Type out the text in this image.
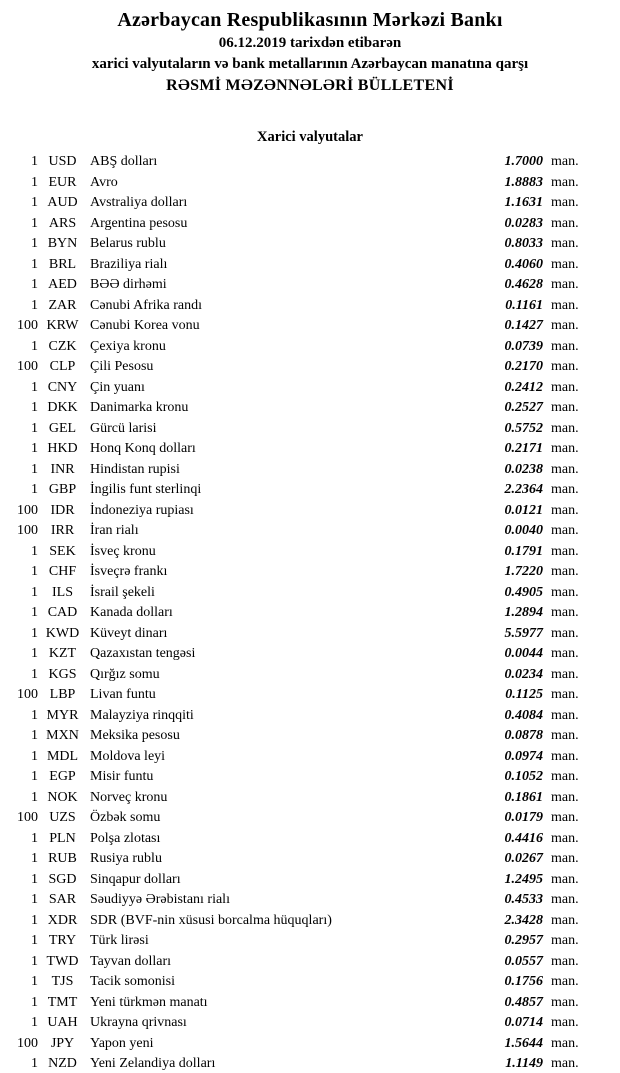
Azərbaycan Respublikasının Mərkəzi Bankı
06.12.2019 tarixdən etibarən
xarici valyutaların və bank metallarının Azərbaycan manatına qarşı
RƏSMİ MƏZƏNNƏLƏRİ BÜLLETENİ
Xarici valyutalar
1 USD ABŞ dolları	1.7000 man.
1 EUR Avro	1.8883 man.
1 AUD Avstraliya dolları	1.1631 man.
1 ARS Argentina pesosu	0.0283 man.
1 BYN Belarus rublu	0.8033 man.
1 BRL Braziliya rialı	0.4060 man.
1 AED BƏƏ dirhəmi	0.4628 man.
1 ZAR Cənubi Afrika randı	0.1161 man.
100 KRW Cənubi Korea vonu	0.1427 man.
1 CZK Çexiya kronu	0.0739 man.
100 CLP	Çili Pesosu	0.2170 man.
1 CNY Çin yuanı	0.2412 man.
1 DKK Danimarka kronu	0.2527 man.
1 GEL Gürcü larisi	0.5752 man.
1 HKD Honq Konq dolları	0.2171 man.
1 INR	Hindistan rupisi	0.0238 man.
1 GBP İngilis funt sterlinqi	2.2364 man.
100 IDR	İndoneziya rupiası	0.0121 man.
100 IRR	İran rialı	0.0040 man.
1 SEK	İsveç kronu	0.1791 man.
1 CHF İsveçrə frankı	1.7220 man.
1	ILS	İsrail şekeli	0.4905 man.
1 CAD Kanada dolları	1.2894 man.
1 KWD Küveyt dinarı	5.5977 man.
1 KZT Qazaxıstan tengəsi	0.0044 man.
1 KGS Qırğız somu	0.0234 man.
100 LBP	Livan funtu	0.1125 man.
1 MYR Malayziya rinqqiti	0.4084 man.
1 MXN Meksika pesosu	0.0878 man.
1 MDL Moldova leyi	0.0974 man.
1 EGP	Misir funtu	0.1052 man.
1 NOK Norveç kronu	0.1861 man.
100 UZS	Özbək somu	0.0179 man.
1 PLN	Polşa zlotası	0.4416 man.
1 RUB Rusiya rublu	0.0267 man.
1 SGD Sinqapur dolları	1.2495 man.
1 SAR Səudiyyə Ərəbistanı rialı	0.4533 man.
1 XDR SDR (BVF-nin xüsusi borcalma hüquqları)	2.3428 man.
1 TRY Türk lirəsi	0.2957 man.
1 TWD Tayvan dolları	0.0557 man.
1 TJS	Tacik somonisi	0.1756 man.
1 TMT Yeni türkmən manatı	0.4857 man.
1 UAH Ukrayna qrivnası	0.0714 man.
100 JPY	Yapon yeni	1.5644 man.
1 NZD Yeni Zelandiya dolları	1.1149 man.
